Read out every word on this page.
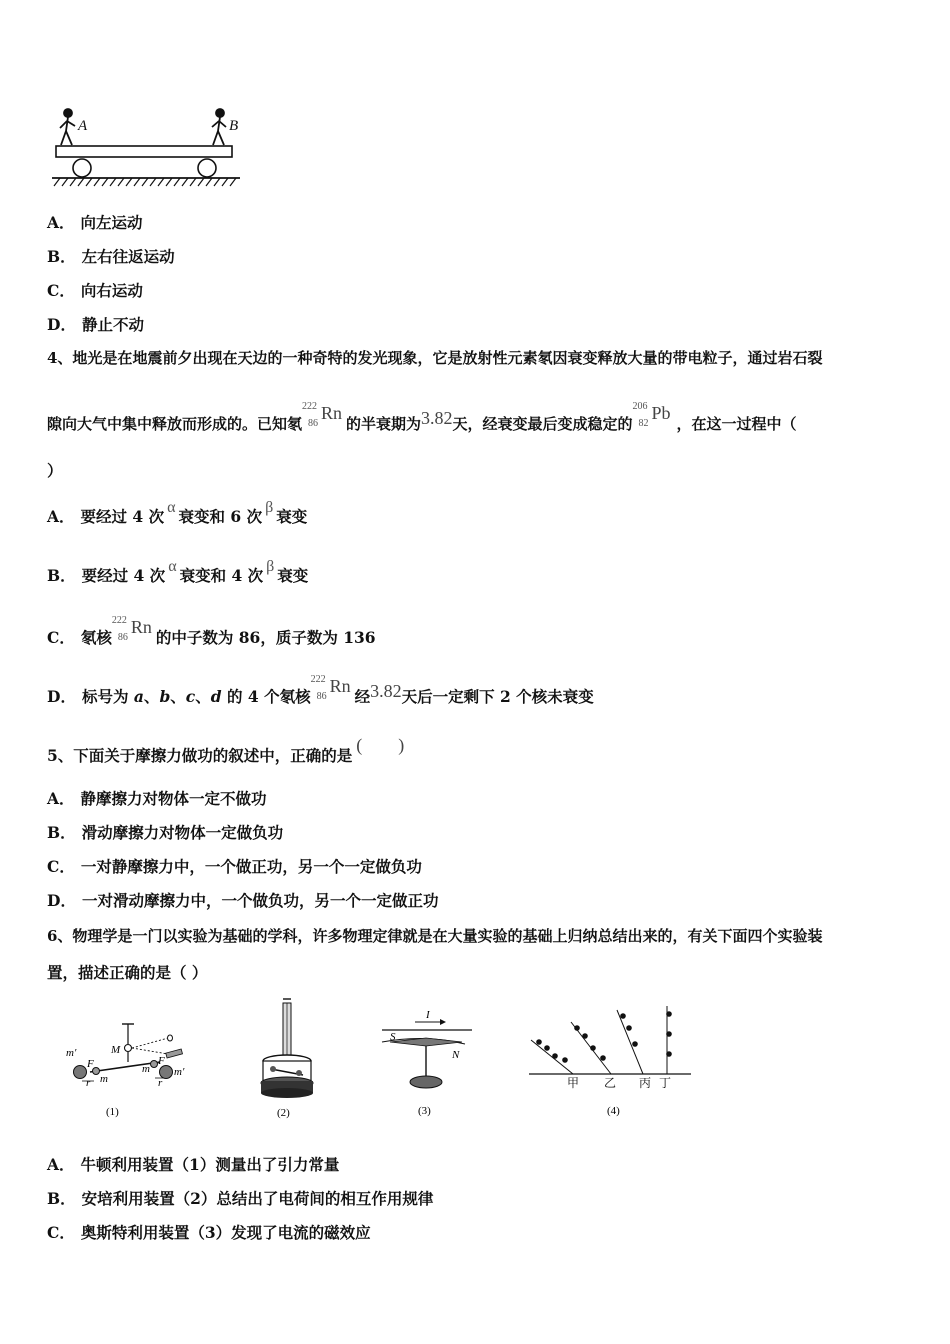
A	B
A． 向左运动
B． 左右往返运动
C． 向右运动
D． 静止不动
4、地光是在地震前夕出现在天边的一种奇特的发光现象，它是放射性元素氡因衰变释放大量的带电粒子，通过岩石裂
隙向大气中集中释放而形成的。已知氡
222
86
Rn
的半衰期为3.82天，经衰变最后变成稳定的
206
82
Pb
，在这一过程中（
）
A． 要经过 4 次 α 衰变和 6 次 β 衰变
B． 要经过 4 次 α 衰变和 4 次 β 衰变
C． 氡核
222
86
Rn
的中子数为 86，质子数为 136
D． 标号为 a、b、c、d 的 4 个氡核
222
86
Rn
经3.82天后一定剩下 2 个核未衰变
5、下面关于摩擦力做功的叙述中，正确的是(　　)
A． 静摩擦力对物体一定不做功
B． 滑动摩擦力对物体一定做负功
C． 一对静摩擦力中，一个做正功，另一个一定做负功
D． 一对滑动摩擦力中，一个做负功，另一个一定做正功
6、物理学是一门以实验为基础的学科，许多物理定律就是在大量实验的基础上归纳总结出来的，有关下面四个实验装
置，描述正确的是（ ）
m′
F
r m
M
m
F
r
m′
(1)	(2)
I
S
N
(3)
甲 乙 丙 丁
(4)
A． 牛顿利用装置（1）测量出了引力常量
B． 安培利用装置（2）总结出了电荷间的相互作用规律
C． 奥斯特利用装置（3）发现了电流的磁效应
